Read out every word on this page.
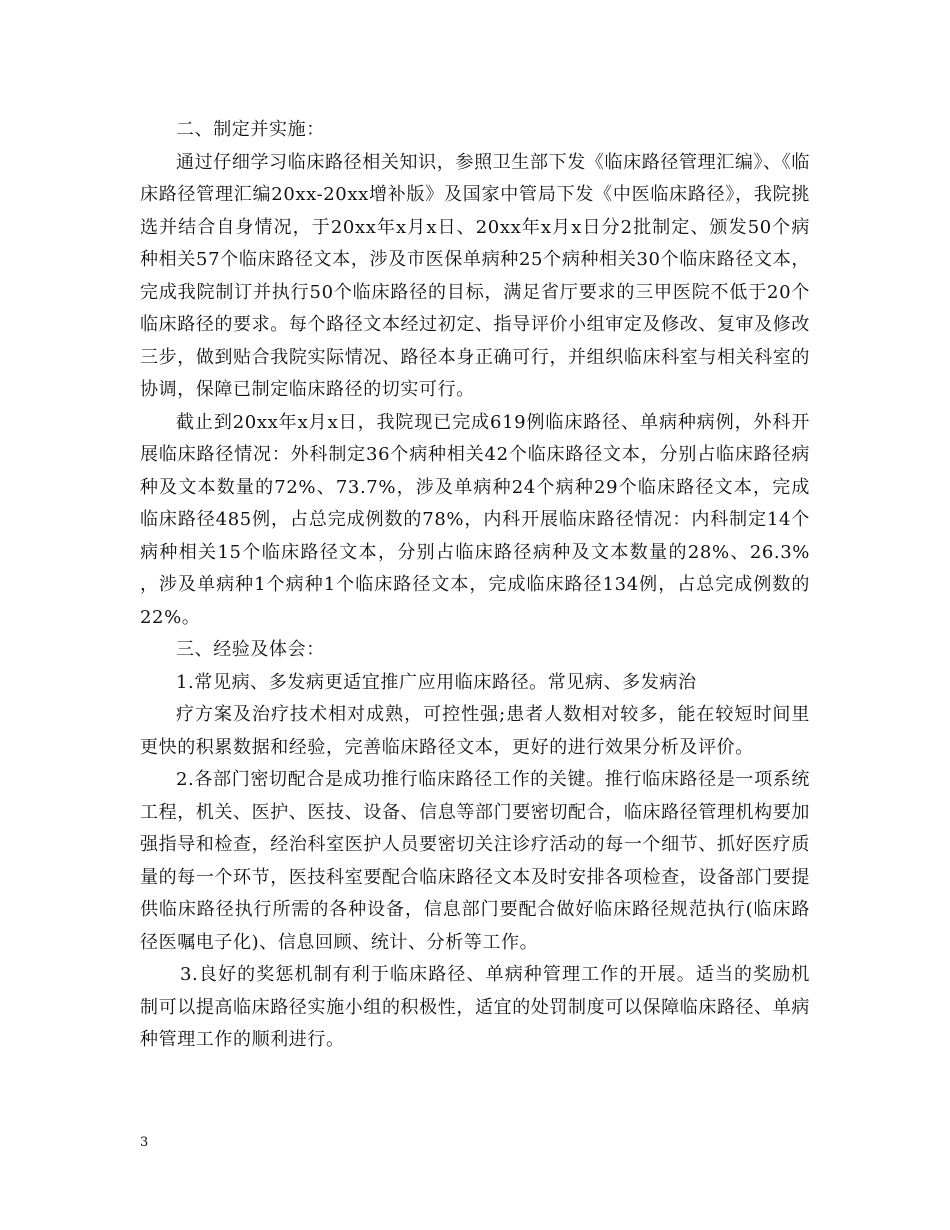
二、制定并实施：

通过仔细学习临床路径相关知识，参照卫生部下发《临床路径管理汇编》、《临床路径管理汇编20xx-20xx增补版》及国家中管局下发《中医临床路径》，我院挑选并结合自身情况，于20xx年x月x日、20xx年x月x日分2批制定、颁发50个病种相关57个临床路径文本，涉及市医保单病种25个病种相关30个临床路径文本，完成我院制订并执行50个临床路径的目标，满足省厅要求的三甲医院不低于20个临床路径的要求。每个路径文本经过初定、指导评价小组审定及修改、复审及修改三步，做到贴合我院实际情况、路径本身正确可行，并组织临床科室与相关科室的协调，保障已制定临床路径的切实可行。

截止到20xx年x月x日，我院现已完成619例临床路径、单病种病例，外科开展临床路径情况：外科制定36个病种相关42个临床路径文本，分别占临床路径病种及文本数量的72%、73.7%，涉及单病种24个病种29个临床路径文本，完成临床路径485例，占总完成例数的78%，内科开展临床路径情况：内科制定14个病种相关15个临床路径文本，分别占临床路径病种及文本数量的28%、26.3% ，涉及单病种1个病种1个临床路径文本，完成临床路径134例，占总完成例数的22%。

三、经验及体会：

1.常见病、多发病更适宜推广应用临床路径。常见病、多发病治

疗方案及治疗技术相对成熟，可控性强;患者人数相对较多，能在较短时间里更快的积累数据和经验，完善临床路径文本，更好的进行效果分析及评价。

2.各部门密切配合是成功推行临床路径工作的关键。推行临床路径是一项系统工程，机关、医护、医技、设备、信息等部门要密切配合，临床路径管理机构要加强指导和检查，经治科室医护人员要密切关注诊疗活动的每一个细节、抓好医疗质量的每一个环节，医技科室要配合临床路径文本及时安排各项检查，设备部门要提供临床路径执行所需的各种设备，信息部门要配合做好临床路径规范执行(临床路径医嘱电子化)、信息回顾、统计、分析等工作。

3.良好的奖惩机制有利于临床路径、单病种管理工作的开展。适当的奖励机制可以提高临床路径实施小组的积极性，适宜的处罚制度可以保障临床路径、单病种管理工作的顺利进行。

3
